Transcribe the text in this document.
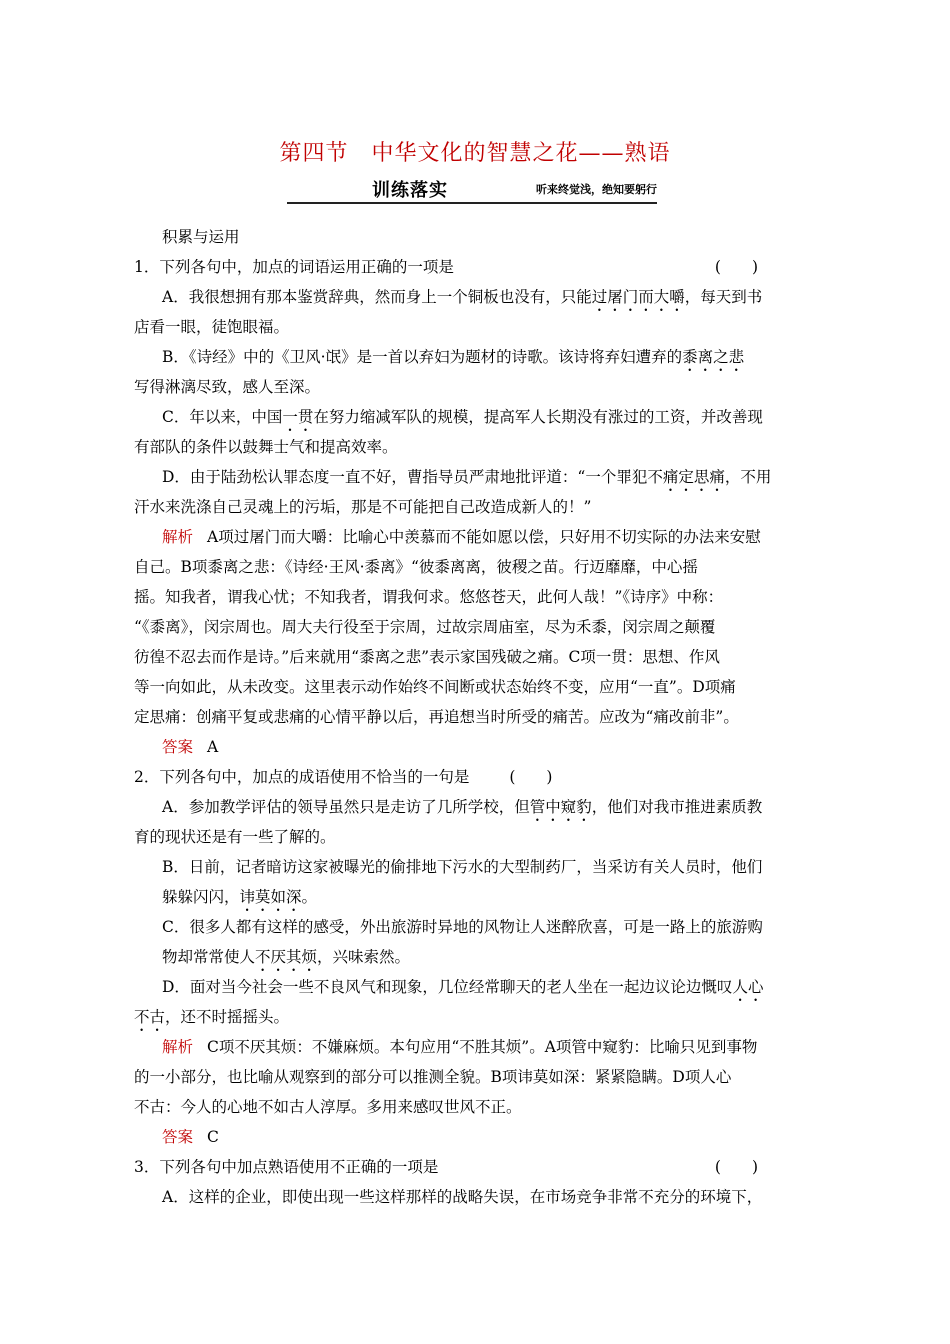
第四节　中华文化的智慧之花——熟语
训练落实	听来终觉浅，绝知要躬行
积累与运用
1．下列各句中，加点的词语运用正确的一项是	(　　)
A．我很想拥有那本鉴赏辞典，然而身上一个铜板也没有，只能过屠门而大嚼，每天到书
店看一眼，徒饱眼福。
B．《诗经》中的《卫风·氓》是一首以弃妇为题材的诗歌。该诗将弃妇遭弃的黍离之悲
写得淋漓尽致，感人至深。
C．年以来，中国一贯在努力缩减军队的规模，提高军人长期没有涨过的工资，并改善现
有部队的条件以鼓舞士气和提高效率。
D．由于陆劲松认罪态度一直不好，曹指导员严肃地批评道：“一个罪犯不痛定思痛，不用
汗水来洗涤自己灵魂上的污垢，那是不可能把自己改造成新人的！”
解析 A项过屠门而大嚼：比喻心中羡慕而不能如愿以偿，只好用不切实际的办法来安慰
自己。B项黍离之悲：《诗经·王风·黍离》“彼黍离离，彼稷之苗。行迈靡靡，中心摇
摇。知我者，谓我心忧；不知我者，谓我何求。悠悠苍天，此何人哉！”《诗序》中称：
“《黍离》，闵宗周也。周大夫行役至于宗周，过故宗周庙室，尽为禾黍，闵宗周之颠覆
彷徨不忍去而作是诗。”后来就用“黍离之悲”表示家国残破之痛。C项一贯：思想、作风
等一向如此，从未改变。这里表示动作始终不间断或状态始终不变，应用“一直”。D项痛
定思痛：创痛平复或悲痛的心情平静以后，再追想当时所受的痛苦。应改为“痛改前非”。
答案 A
2．下列各句中，加点的成语使用不恰当的一句是	(　　)
A．参加教学评估的领导虽然只是走访了几所学校，但管中窥豹，他们对我市推进素质教
育的现状还是有一些了解的。
B．日前，记者暗访这家被曝光的偷排地下污水的大型制药厂，当采访有关人员时，他们
躲躲闪闪，讳莫如深。
C．很多人都有这样的感受，外出旅游时异地的风物让人迷醉欣喜，可是一路上的旅游购
物却常常使人不厌其烦，兴味索然。
D．面对当今社会一些不良风气和现象，几位经常聊天的老人坐在一起边议论边慨叹人心
不古，还不时摇摇头。
解析 C项不厌其烦：不嫌麻烦。本句应用“不胜其烦”。A项管中窥豹：比喻只见到事物
的一小部分，也比喻从观察到的部分可以推测全貌。B项讳莫如深：紧紧隐瞒。D项人心
不古：今人的心地不如古人淳厚。多用来感叹世风不正。
答案 C
3．下列各句中加点熟语使用不正确的一项是	(　　)
A．这样的企业，即使出现一些这样那样的战略失误，在市场竞争非常不充分的环境下，
